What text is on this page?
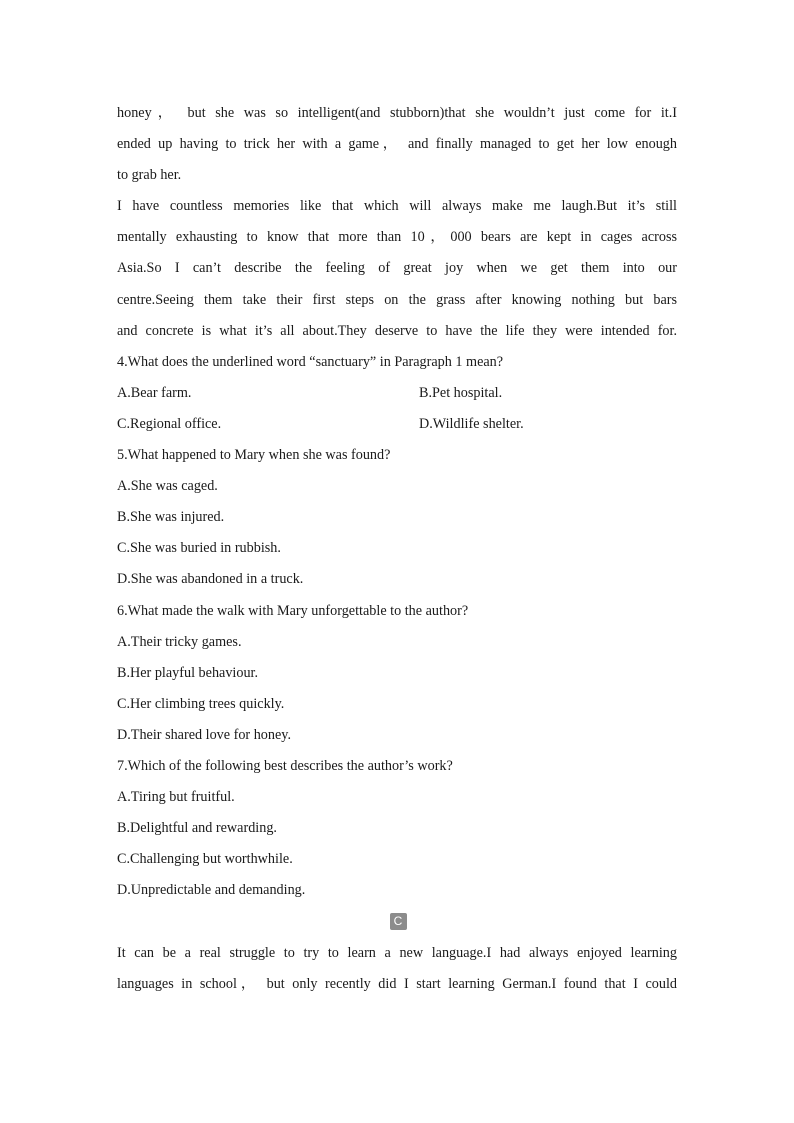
honey， but she was so intelligent(and stubborn)that she wouldn’t just come for it.I
ended up having to trick her with a game， and finally managed to get her low enough
to grab her.
I have countless memories like that which will always make me laugh.But it’s still
mentally exhausting to know that more than 10，000 bears are kept in cages across
Asia.So I can’t describe the feeling of great joy when we get them into our
centre.Seeing them take their first steps on the grass after knowing nothing but bars
and concrete is what it’s all about.They deserve to have the life they were intended for.
4.What does the underlined word “sanctuary” in Paragraph 1 mean?
A.Bear farm.	B.Pet hospital.
C.Regional office.	D.Wildlife shelter.
5.What happened to Mary when she was found?
A.She was caged.
B.She was injured.
C.She was buried in rubbish.
D.She was abandoned in a truck.
6.What made the walk with Mary unforgettable to the author?
A.Their tricky games.
B.Her playful behaviour.
C.Her climbing trees quickly.
D.Their shared love for honey.
7.Which of the following best describes the author’s work?
A.Tiring but fruitful.
B.Delightful and rewarding.
C.Challenging but worthwhile.
D.Unpredictable and demanding.
C
It can be a real struggle to try to learn a new language.I had always enjoyed learning
languages in school， but only recently did I start learning German.I found that I could
